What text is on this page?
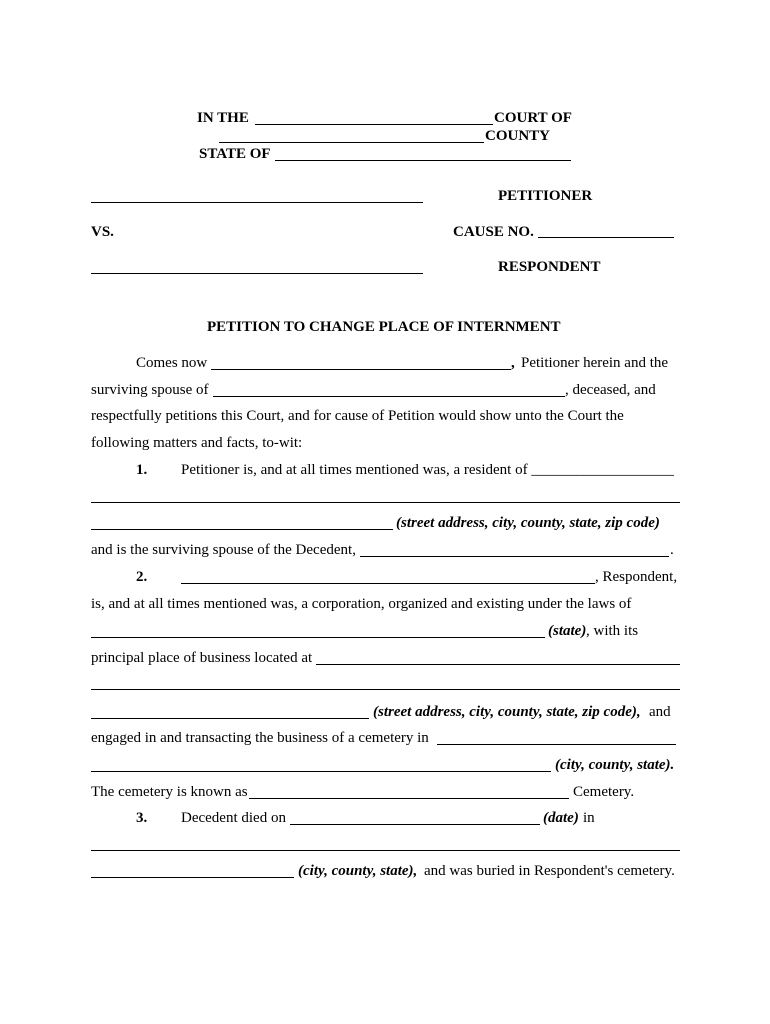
IN THE	COURT OF
COUNTY
STATE OF
PETITIONER
VS.	CAUSE NO.
RESPONDENT
PETITION TO CHANGE PLACE OF INTERNMENT
Comes now	, Petitioner herein and the
surviving spouse of	, deceased, and
respectfully petitions this Court, and for cause of Petition would show unto the Court the
following matters and facts, to-wit:
1. Petitioner is, and at all times mentioned was, a resident of ___________________
(street address, city, county, state, zip code)
and is the surviving spouse of the Decedent,	.
2.	, Respondent,
is, and at all times mentioned was, a corporation, organized and existing under the laws of
(state) , with its
principal place of business located at
(street address, city, county, state, zip code), and
engaged in and transacting the business of a cemetery in
(city, county, state).
The cemetery is known as	Cemetery.
3. Decedent died on	(date) in
(city, county, state), and was buried in Respondent's cemetery.
